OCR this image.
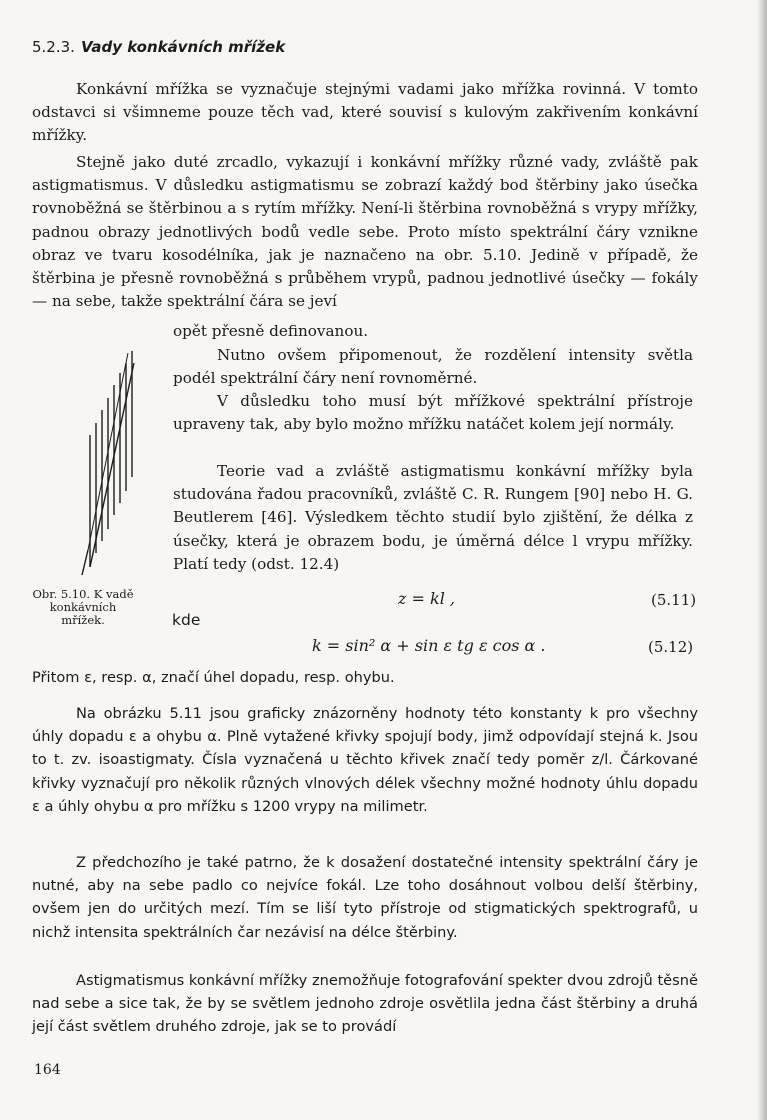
5.2.3. Vady konkávních mřížek

Konkávní mřížka se vyznačuje stejnými vadami jako mřížka rovinná. V tomto odstavci si všimneme pouze těch vad, které souvisí s kulovým zakřivením konkávní mřížky.

Stejně jako duté zrcadlo, vykazují i konkávní mřížky různé vady, zvláště pak astigmatismus. V důsledku astigmatismu se zobrazí každý bod štěrbiny jako úsečka rovnoběžná se štěrbinou a s rytím mřížky. Není-li štěrbina rovnoběžná s vrypy mřížky, padnou obrazy jednotlivých bodů vedle sebe. Proto místo spektrální čáry vznikne obraz ve tvaru kosodélníka, jak je naznačeno na obr. 5.10. Jedině v případě, že štěrbina je přesně rovnoběžná s průběhem vrypů, padnou jednotlivé úsečky — fokály — na sebe, takže spektrální čára se jeví

opět přesně definovanou.

Nutno ovšem připomenout, že rozdělení intensity světla podél spektrální čáry není rovnoměrné.

V důsledku toho musí být mřížkové spektrální přístroje upraveny tak, aby bylo možno mřížku natáčet kolem její normály.

Teorie vad a zvláště astigmatismu konkávní mřížky byla studována řadou pracovníků, zvláště C. R. Rungem [90] nebo H. G. Beutlerem [46]. Výsledkem těchto studií bylo zjištění, že délka z úsečky, která je obrazem bodu, je úměrná délce l vrypu mřížky. Platí tedy (odst. 12.4)

Obr. 5.10. K vadě konkávních mřížek.
z = kl ,	(5.11)
kde
k = sin² α + sin ε tg ε cos α .	(5.12)

Přitom ε, resp. α, značí úhel dopadu, resp. ohybu.

Na obrázku 5.11 jsou graficky znázorněny hodnoty této konstanty k pro všechny úhly dopadu ε a ohybu α. Plně vytažené křivky spojují body, jimž odpovídají stejná k. Jsou to t. zv. isoastigmaty. Čísla vyznačená u těchto křivek značí tedy poměr z/l. Čárkované křivky vyznačují pro několik různých vlnových délek všechny možné hodnoty úhlu dopadu ε a úhly ohybu α pro mřížku s 1200 vrypy na milimetr.

Z předchozího je také patrno, že k dosažení dostatečné intensity spektrální čáry je nutné, aby na sebe padlo co nejvíce fokál. Lze toho dosáhnout volbou delší štěrbiny, ovšem jen do určitých mezí. Tím se liší tyto přístroje od stigmatických spektrografů, u nichž intensita spektrálních čar nezávisí na délce štěrbiny.

Astigmatismus konkávní mřížky znemožňuje fotografování spekter dvou zdrojů těsně nad sebe a sice tak, že by se světlem jednoho zdroje osvětlila jedna část štěrbiny a druhá její část světlem druhého zdroje, jak se to provádí

164
